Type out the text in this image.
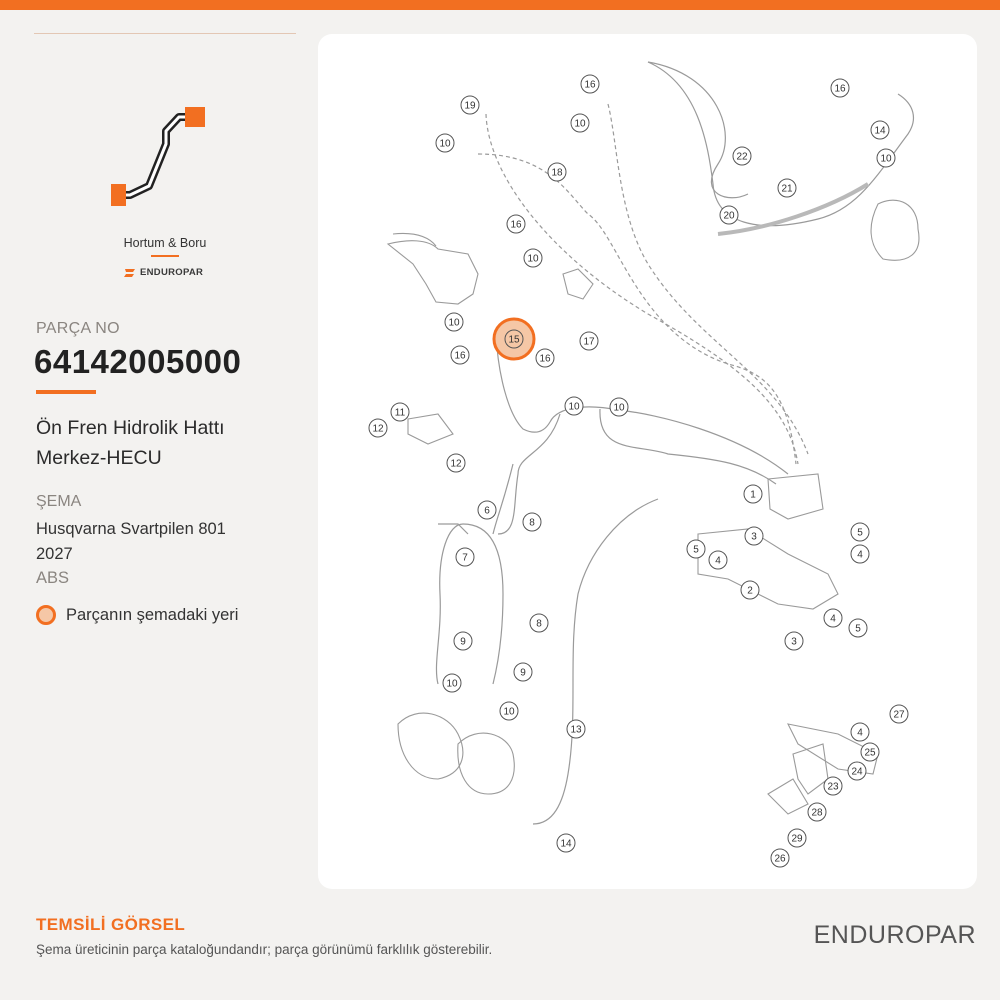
Hortum & Boru
ENDUROPAR
PARÇA NO
64142005000
Ön Fren Hidrolik Hattı
Merkez-HECU
ŞEMA
Husqvarna Svartpilen 801
2027
ABS
Parçanın şemadaki yeri
19
10
18
16
10
22
16
14
10
21
20
16
10
10
16
15
16
17
10	10
11
12
12
1
6
8
3	5
5	4
4
2
7
5
4
3
8
9
10
9
10	27
4
25
24
23
28
29
26
13
14
TEMSİLİ GÖRSEL
Şema üreticinin parça kataloğundandır; parça görünümü farklılık gösterebilir.
ENDUROPAR
